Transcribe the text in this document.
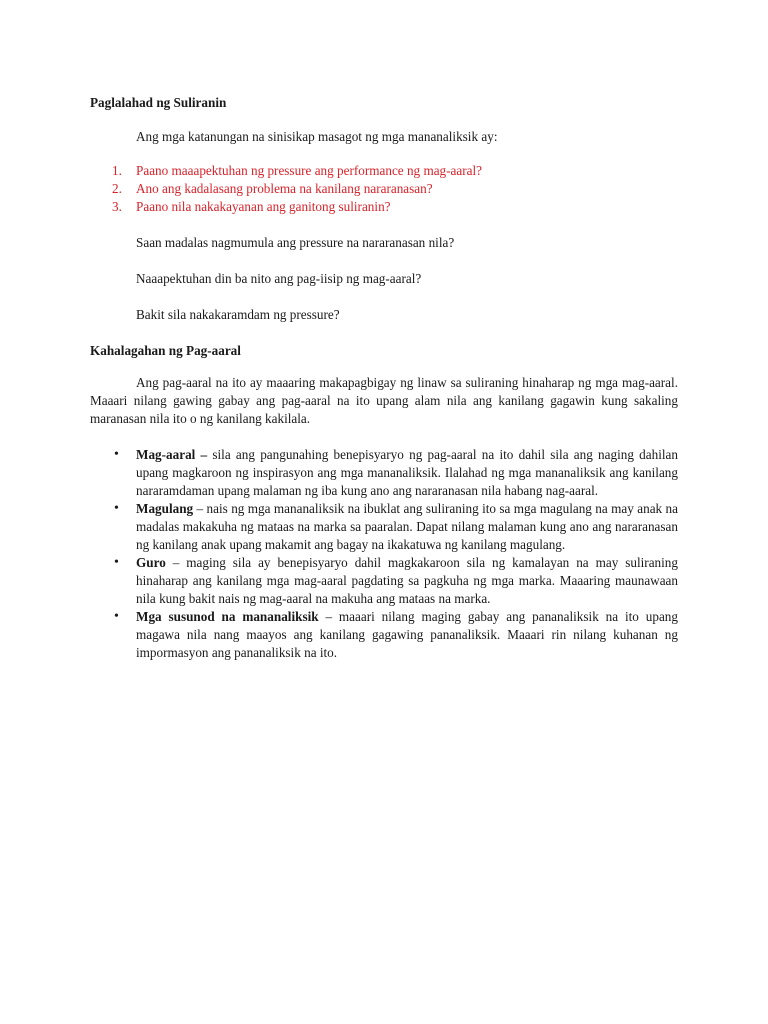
Paglalahad ng Suliranin

Ang mga katanungan na sinisikap masagot ng mga mananaliksik ay:

1. Paano maaapektuhan ng pressure ang performance ng mag-aaral?
2. Ano ang kadalasang problema na kanilang nararanasan?
3. Paano nila nakakayanan ang ganitong suliranin?

Saan madalas nagmumula ang pressure na nararanasan nila?

Naaapektuhan din ba nito ang pag-iisip ng mag-aaral?

Bakit sila nakakaramdam ng pressure?

Kahalagahan ng Pag-aaral

Ang pag-aaral na ito ay maaaring makapagbigay ng linaw sa suliraning hinaharap ng mga mag-aaral. Maaari nilang gawing gabay ang pag-aaral na ito upang alam nila ang kanilang gagawin kung sakaling maranasan nila ito o ng kanilang kakilala.

• Mag-aaral – sila ang pangunahing benepisyaryo ng pag-aaral na ito dahil sila ang naging dahilan upang magkaroon ng inspirasyon ang mga mananaliksik. Ilalahad ng mga mananaliksik ang kanilang nararamdaman upang malaman ng iba kung ano ang nararanasan nila habang nag-aaral.
• Magulang – nais ng mga mananaliksik na ibuklat ang suliraning ito sa mga magulang na may anak na madalas makakuha ng mataas na marka sa paaralan. Dapat nilang malaman kung ano ang nararanasan ng kanilang anak upang makamit ang bagay na ikakatuwa ng kanilang magulang.
• Guro – maging sila ay benepisyaryo dahil magkakaroon sila ng kamalayan na may suliraning hinaharap ang kanilang mga mag-aaral pagdating sa pagkuha ng mga marka. Maaaring maunawaan nila kung bakit nais ng mag-aaral na makuha ang mataas na marka.
• Mga susunod na mananaliksik – maaari nilang maging gabay ang pananaliksik na ito upang magawa nila nang maayos ang kanilang gagawing pananaliksik. Maaari rin nilang kuhanan ng impormasyon ang pananaliksik na ito.
